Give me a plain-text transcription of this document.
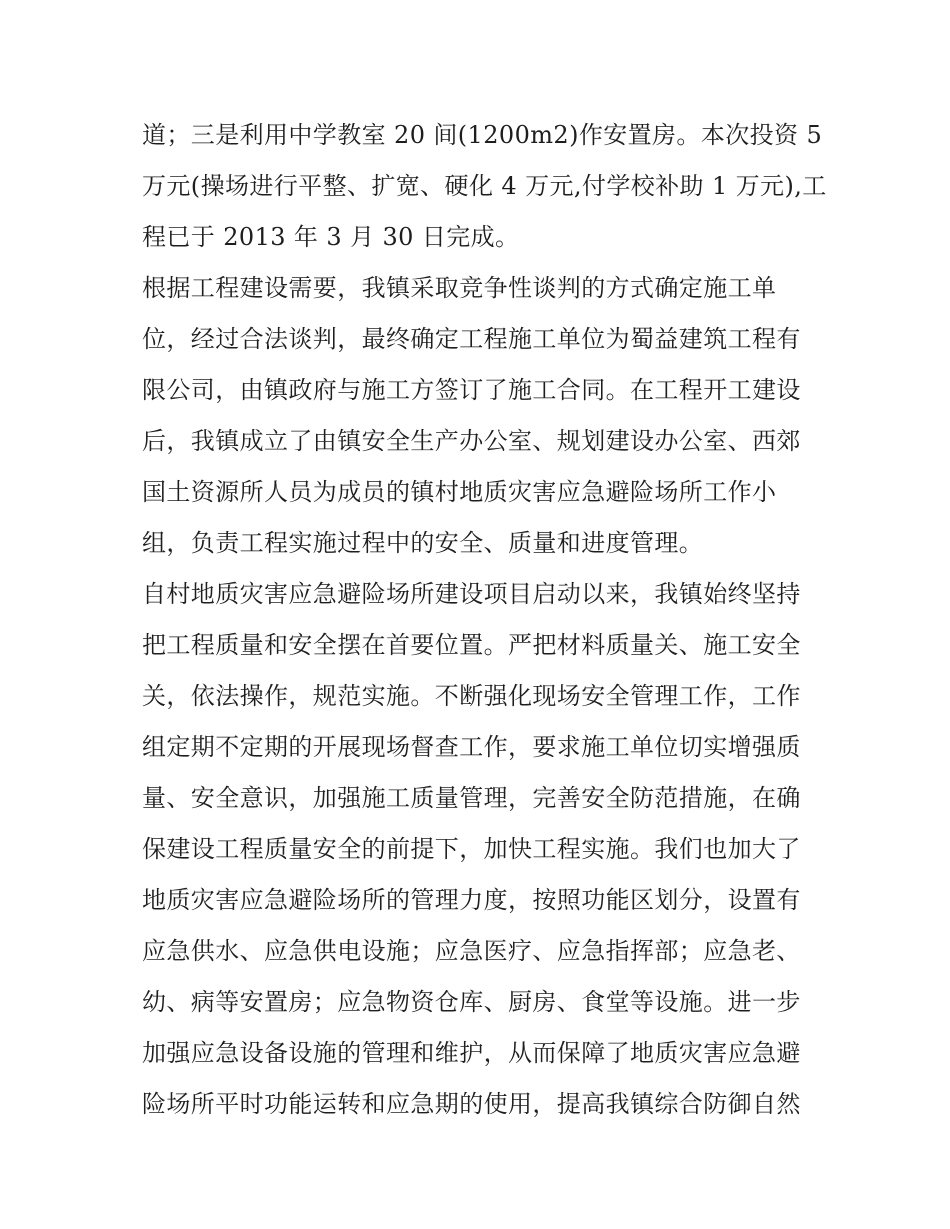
道；三是利用中学教室 20 间(1200m2)作安置房。本次投资 5
万元(操场进行平整、扩宽、硬化 4 万元,付学校补助 1 万元),工
程已于 2013 年 3 月 30 日完成。
根据工程建设需要，我镇采取竞争性谈判的方式确定施工单
位，经过合法谈判，最终确定工程施工单位为蜀益建筑工程有
限公司，由镇政府与施工方签订了施工合同。在工程开工建设
后，我镇成立了由镇安全生产办公室、规划建设办公室、西郊
国土资源所人员为成员的镇村地质灾害应急避险场所工作小
组，负责工程实施过程中的安全、质量和进度管理。
自村地质灾害应急避险场所建设项目启动以来，我镇始终坚持
把工程质量和安全摆在首要位置。严把材料质量关、施工安全
关，依法操作，规范实施。不断强化现场安全管理工作，工作
组定期不定期的开展现场督查工作，要求施工单位切实增强质
量、安全意识，加强施工质量管理，完善安全防范措施，在确
保建设工程质量安全的前提下，加快工程实施。我们也加大了
地质灾害应急避险场所的管理力度，按照功能区划分，设置有
应急供水、应急供电设施；应急医疗、应急指挥部；应急老、
幼、病等安置房；应急物资仓库、厨房、食堂等设施。进一步
加强应急设备设施的管理和维护，从而保障了地质灾害应急避
险场所平时功能运转和应急期的使用，提高我镇综合防御自然
